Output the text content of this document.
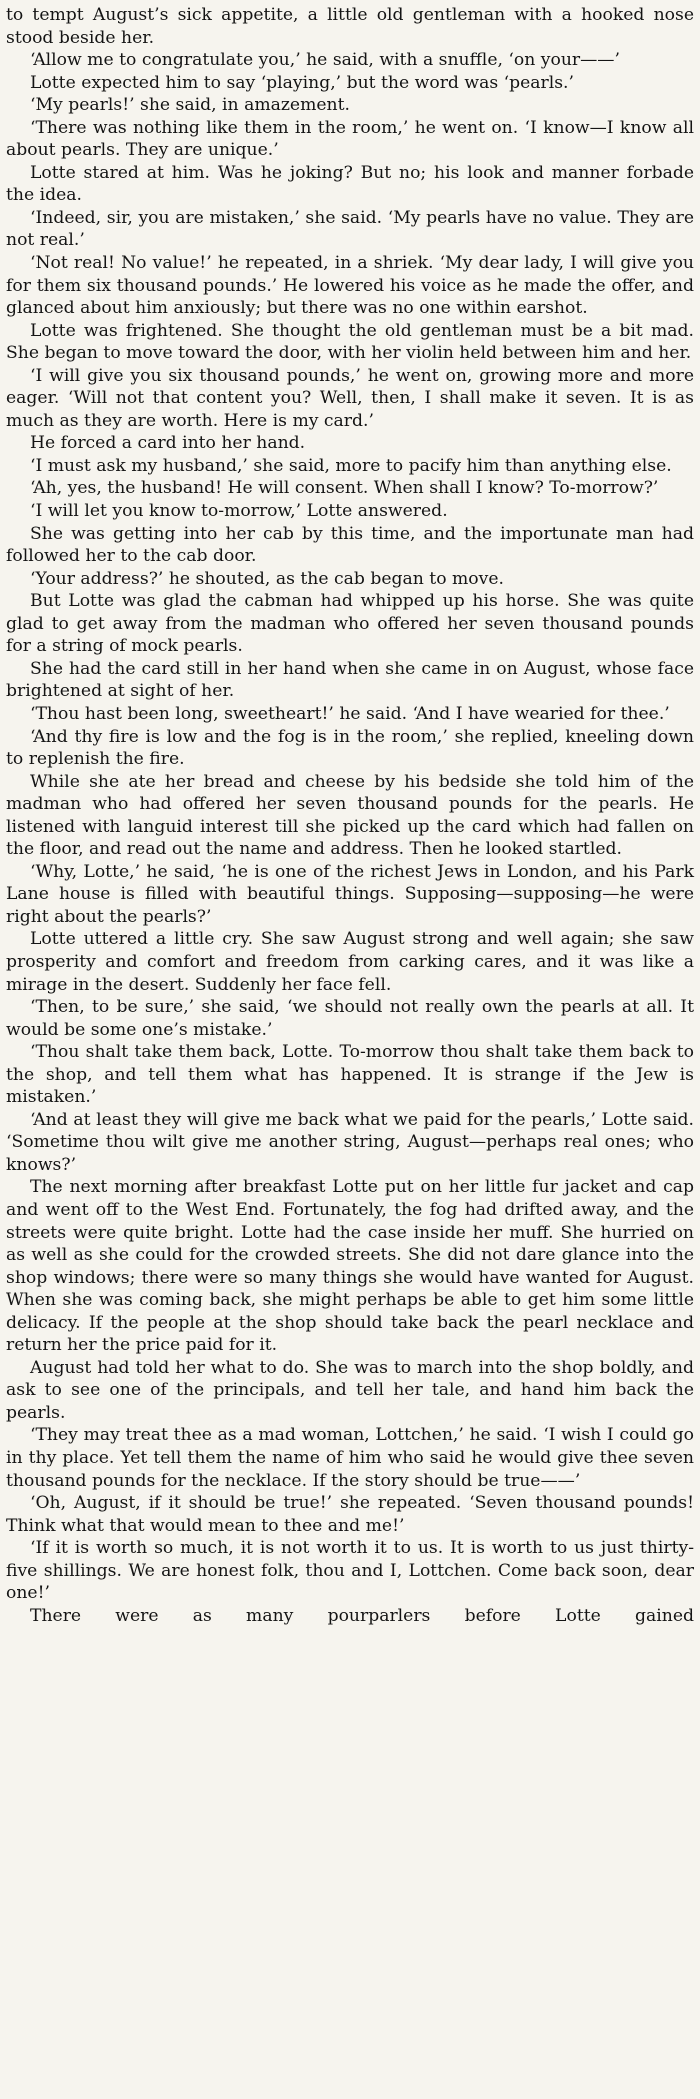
to tempt August’s sick appetite, a little old gentleman with a hooked nose stood beside her.

‘Allow me to congratulate you,’ he said, with a snuffle, ‘on your——’

Lotte expected him to say ‘playing,’ but the word was ‘pearls.’

‘My pearls!’ she said, in amazement.

‘There was nothing like them in the room,’ he went on. ‘I know—I know all about pearls. They are unique.’

Lotte stared at him. Was he joking? But no; his look and manner forbade the idea.

‘Indeed, sir, you are mistaken,’ she said. ‘My pearls have no value. They are not real.’

‘Not real! No value!’ he repeated, in a shriek. ‘My dear lady, I will give you for them six thousand pounds.’ He lowered his voice as he made the offer, and glanced about him anxiously; but there was no one within earshot.

Lotte was frightened. She thought the old gentleman must be a bit mad. She began to move toward the door, with her violin held between him and her.

‘I will give you six thousand pounds,’ he went on, growing more and more eager. ‘Will not that content you? Well, then, I shall make it seven. It is as much as they are worth. Here is my card.’

He forced a card into her hand.

‘I must ask my husband,’ she said, more to pacify him than anything else.

‘Ah, yes, the husband! He will consent. When shall I know? To-morrow?’

‘I will let you know to-morrow,’ Lotte answered.

She was getting into her cab by this time, and the importunate man had followed her to the cab door.

‘Your address?’ he shouted, as the cab began to move.

But Lotte was glad the cabman had whipped up his horse. She was quite glad to get away from the madman who offered her seven thousand pounds for a string of mock pearls.

She had the card still in her hand when she came in on August, whose face brightened at sight of her.

‘Thou hast been long, sweetheart!’ he said. ‘And I have wearied for thee.’

‘And thy fire is low and the fog is in the room,’ she replied, kneeling down to replenish the fire.

While she ate her bread and cheese by his bedside she told him of the madman who had offered her seven thousand pounds for the pearls. He listened with languid interest till she picked up the card which had fallen on the floor, and read out the name and address. Then he looked startled.

‘Why, Lotte,’ he said, ‘he is one of the richest Jews in London, and his Park Lane house is filled with beautiful things. Supposing—supposing—he were right about the pearls?’

Lotte uttered a little cry. She saw August strong and well again; she saw prosperity and comfort and freedom from carking cares, and it was like a mirage in the desert. Suddenly her face fell.

‘Then, to be sure,’ she said, ‘we should not really own the pearls at all. It would be some one’s mistake.’

‘Thou shalt take them back, Lotte. To-morrow thou shalt take them back to the shop, and tell them what has happened. It is strange if the Jew is mistaken.’

‘And at least they will give me back what we paid for the pearls,’ Lotte said. ‘Sometime thou wilt give me another string, August—perhaps real ones; who knows?’

The next morning after breakfast Lotte put on her little fur jacket and cap and went off to the West End. Fortunately, the fog had drifted away, and the streets were quite bright. Lotte had the case inside her muff. She hurried on as well as she could for the crowded streets. She did not dare glance into the shop windows; there were so many things she would have wanted for August. When she was coming back, she might perhaps be able to get him some little delicacy. If the people at the shop should take back the pearl necklace and return her the price paid for it.

August had told her what to do. She was to march into the shop boldly, and ask to see one of the principals, and tell her tale, and hand him back the pearls.

‘They may treat thee as a mad woman, Lottchen,’ he said. ‘I wish I could go in thy place. Yet tell them the name of him who said he would give thee seven thousand pounds for the necklace. If the story should be true——’

‘Oh, August, if it should be true!’ she repeated. ‘Seven thousand pounds! Think what that would mean to thee and me!’

‘If it is worth so much, it is not worth it to us. It is worth to us just thirty-five shillings. We are honest folk, thou and I, Lottchen. Come back soon, dear one!’

There were as many pourparlers before Lotte gained
